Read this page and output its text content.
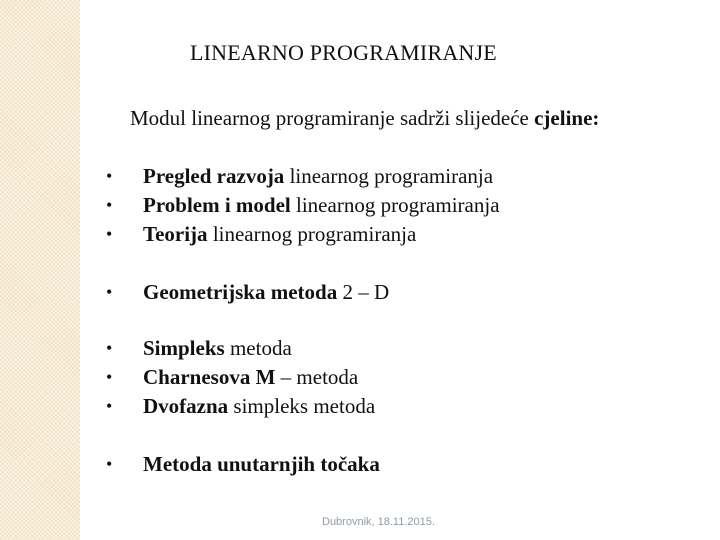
LINEARNO PROGRAMIRANJE
Modul linearnog programiranje sadrži slijedeće cjeline:
•	Pregled razvoja linearnog programiranja
•	Problem i model linearnog programiranja
•	Teorija linearnog programiranja
•	Geometrijska metoda 2 – D
•	Simpleks metoda
•	Charnesova M – metoda
•	Dvofazna simpleks metoda
•	Metoda unutarnjih točaka
Dubrovnik, 18.11.2015.
